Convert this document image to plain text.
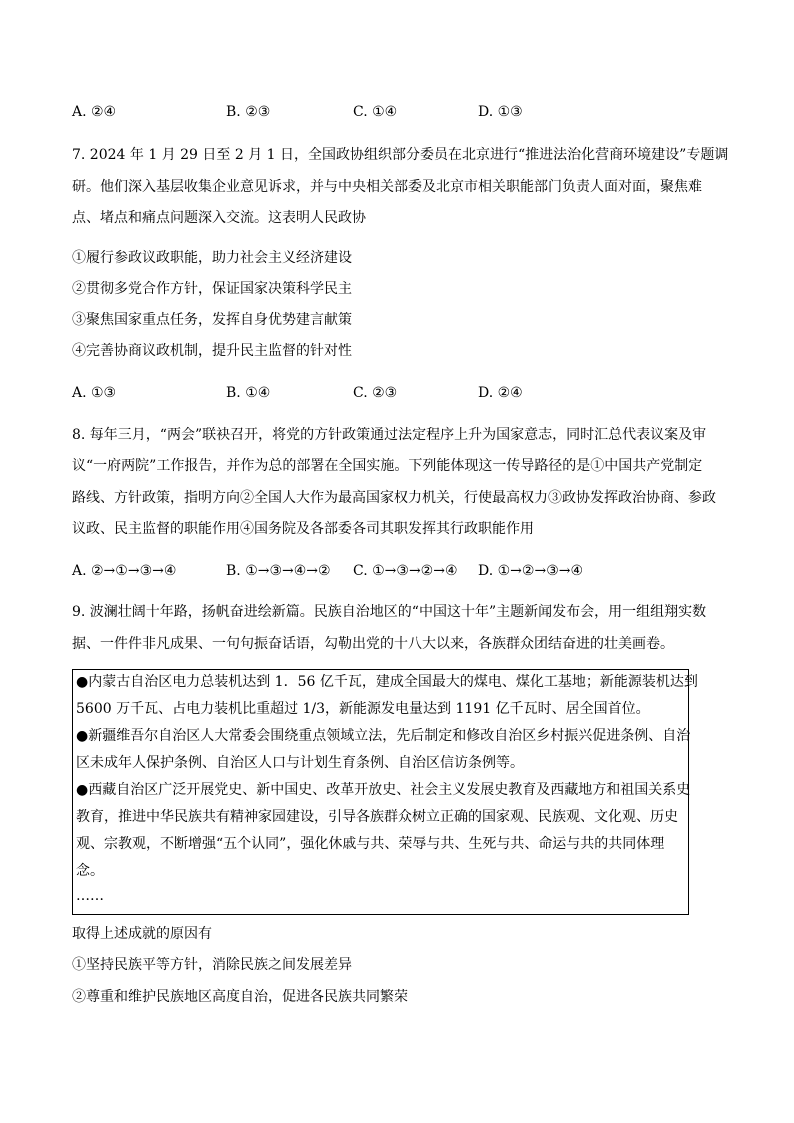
A. ②④	B. ②③	C. ①④	D. ①③
7. 2024 年 1 月 29 日至 2 月 1 日，全国政协组织部分委员在北京进行“推进法治化营商环境建设”专题调
研。他们深入基层收集企业意见诉求，并与中央相关部委及北京市相关职能部门负责人面对面，聚焦难
点、堵点和痛点问题深入交流。这表明人民政协
①履行参政议政职能，助力社会主义经济建设
②贯彻多党合作方针，保证国家决策科学民主
③聚焦国家重点任务，发挥自身优势建言献策
④完善协商议政机制，提升民主监督的针对性
A. ①③	B. ①④	C. ②③	D. ②④
8. 每年三月，“两会”联袂召开，将党的方针政策通过法定程序上升为国家意志，同时汇总代表议案及审
议“一府两院”工作报告，并作为总的部署在全国实施。下列能体现这一传导路径的是①中国共产党制定
路线、方针政策，指明方向②全国人大作为最高国家权力机关，行使最高权力③政协发挥政治协商、参政
议政、民主监督的职能作用④国务院及各部委各司其职发挥其行政职能作用
A. ②→①→③→④	B. ①→③→④→② C. ①→③→②→④ D. ①→②→③→④
9. 波澜壮阔十年路，扬帆奋进绘新篇。民族自治地区的“中国这十年”主题新闻发布会，用一组组翔实数
据、一件件非凡成果、一句句振奋话语，勾勒出党的十八大以来，各族群众团结奋进的壮美画卷。
●内蒙古自治区电力总装机达到 1．56 亿千瓦，建成全国最大的煤电、煤化工基地；新能源装机达到
5600 万千瓦、占电力装机比重超过 1/3，新能源发电量达到 1191 亿千瓦时、居全国首位。
●新疆维吾尔自治区人大常委会围绕重点领域立法，先后制定和修改自治区乡村振兴促进条例、自治
区未成年人保护条例、自治区人口与计划生育条例、自治区信访条例等。
●西藏自治区广泛开展党史、新中国史、改革开放史、社会主义发展史教育及西藏地方和祖国关系史
教育，推进中华民族共有精神家园建设，引导各族群众树立正确的国家观、民族观、文化观、历史
观、宗教观，不断增强“五个认同”，强化休戚与共、荣辱与共、生死与共、命运与共的共同体理
念。
……
取得上述成就的原因有
①坚持民族平等方针，消除民族之间发展差异
②尊重和维护民族地区高度自治，促进各民族共同繁荣
